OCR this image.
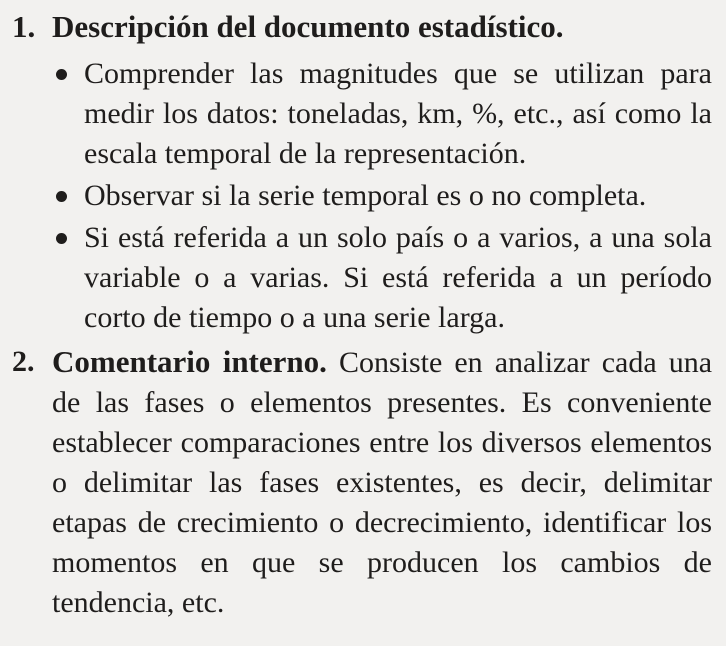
1. Descripción del documento estadístico.
Comprender las magnitudes que se utilizan para medir los datos: toneladas, km, %, etc., así como la escala temporal de la representación.
Observar si la serie temporal es o no completa.
Si está referida a un solo país o a varios, a una sola variable o a varias. Si está referida a un período corto de tiempo o a una serie larga.
2. Comentario interno. Consiste en analizar cada una de las fases o elementos presentes. Es conveniente establecer comparaciones entre los diversos elementos o delimitar las fases existentes, es decir, delimitar etapas de crecimiento o decrecimiento, identificar los momentos en que se producen los cambios de tendencia, etc.
